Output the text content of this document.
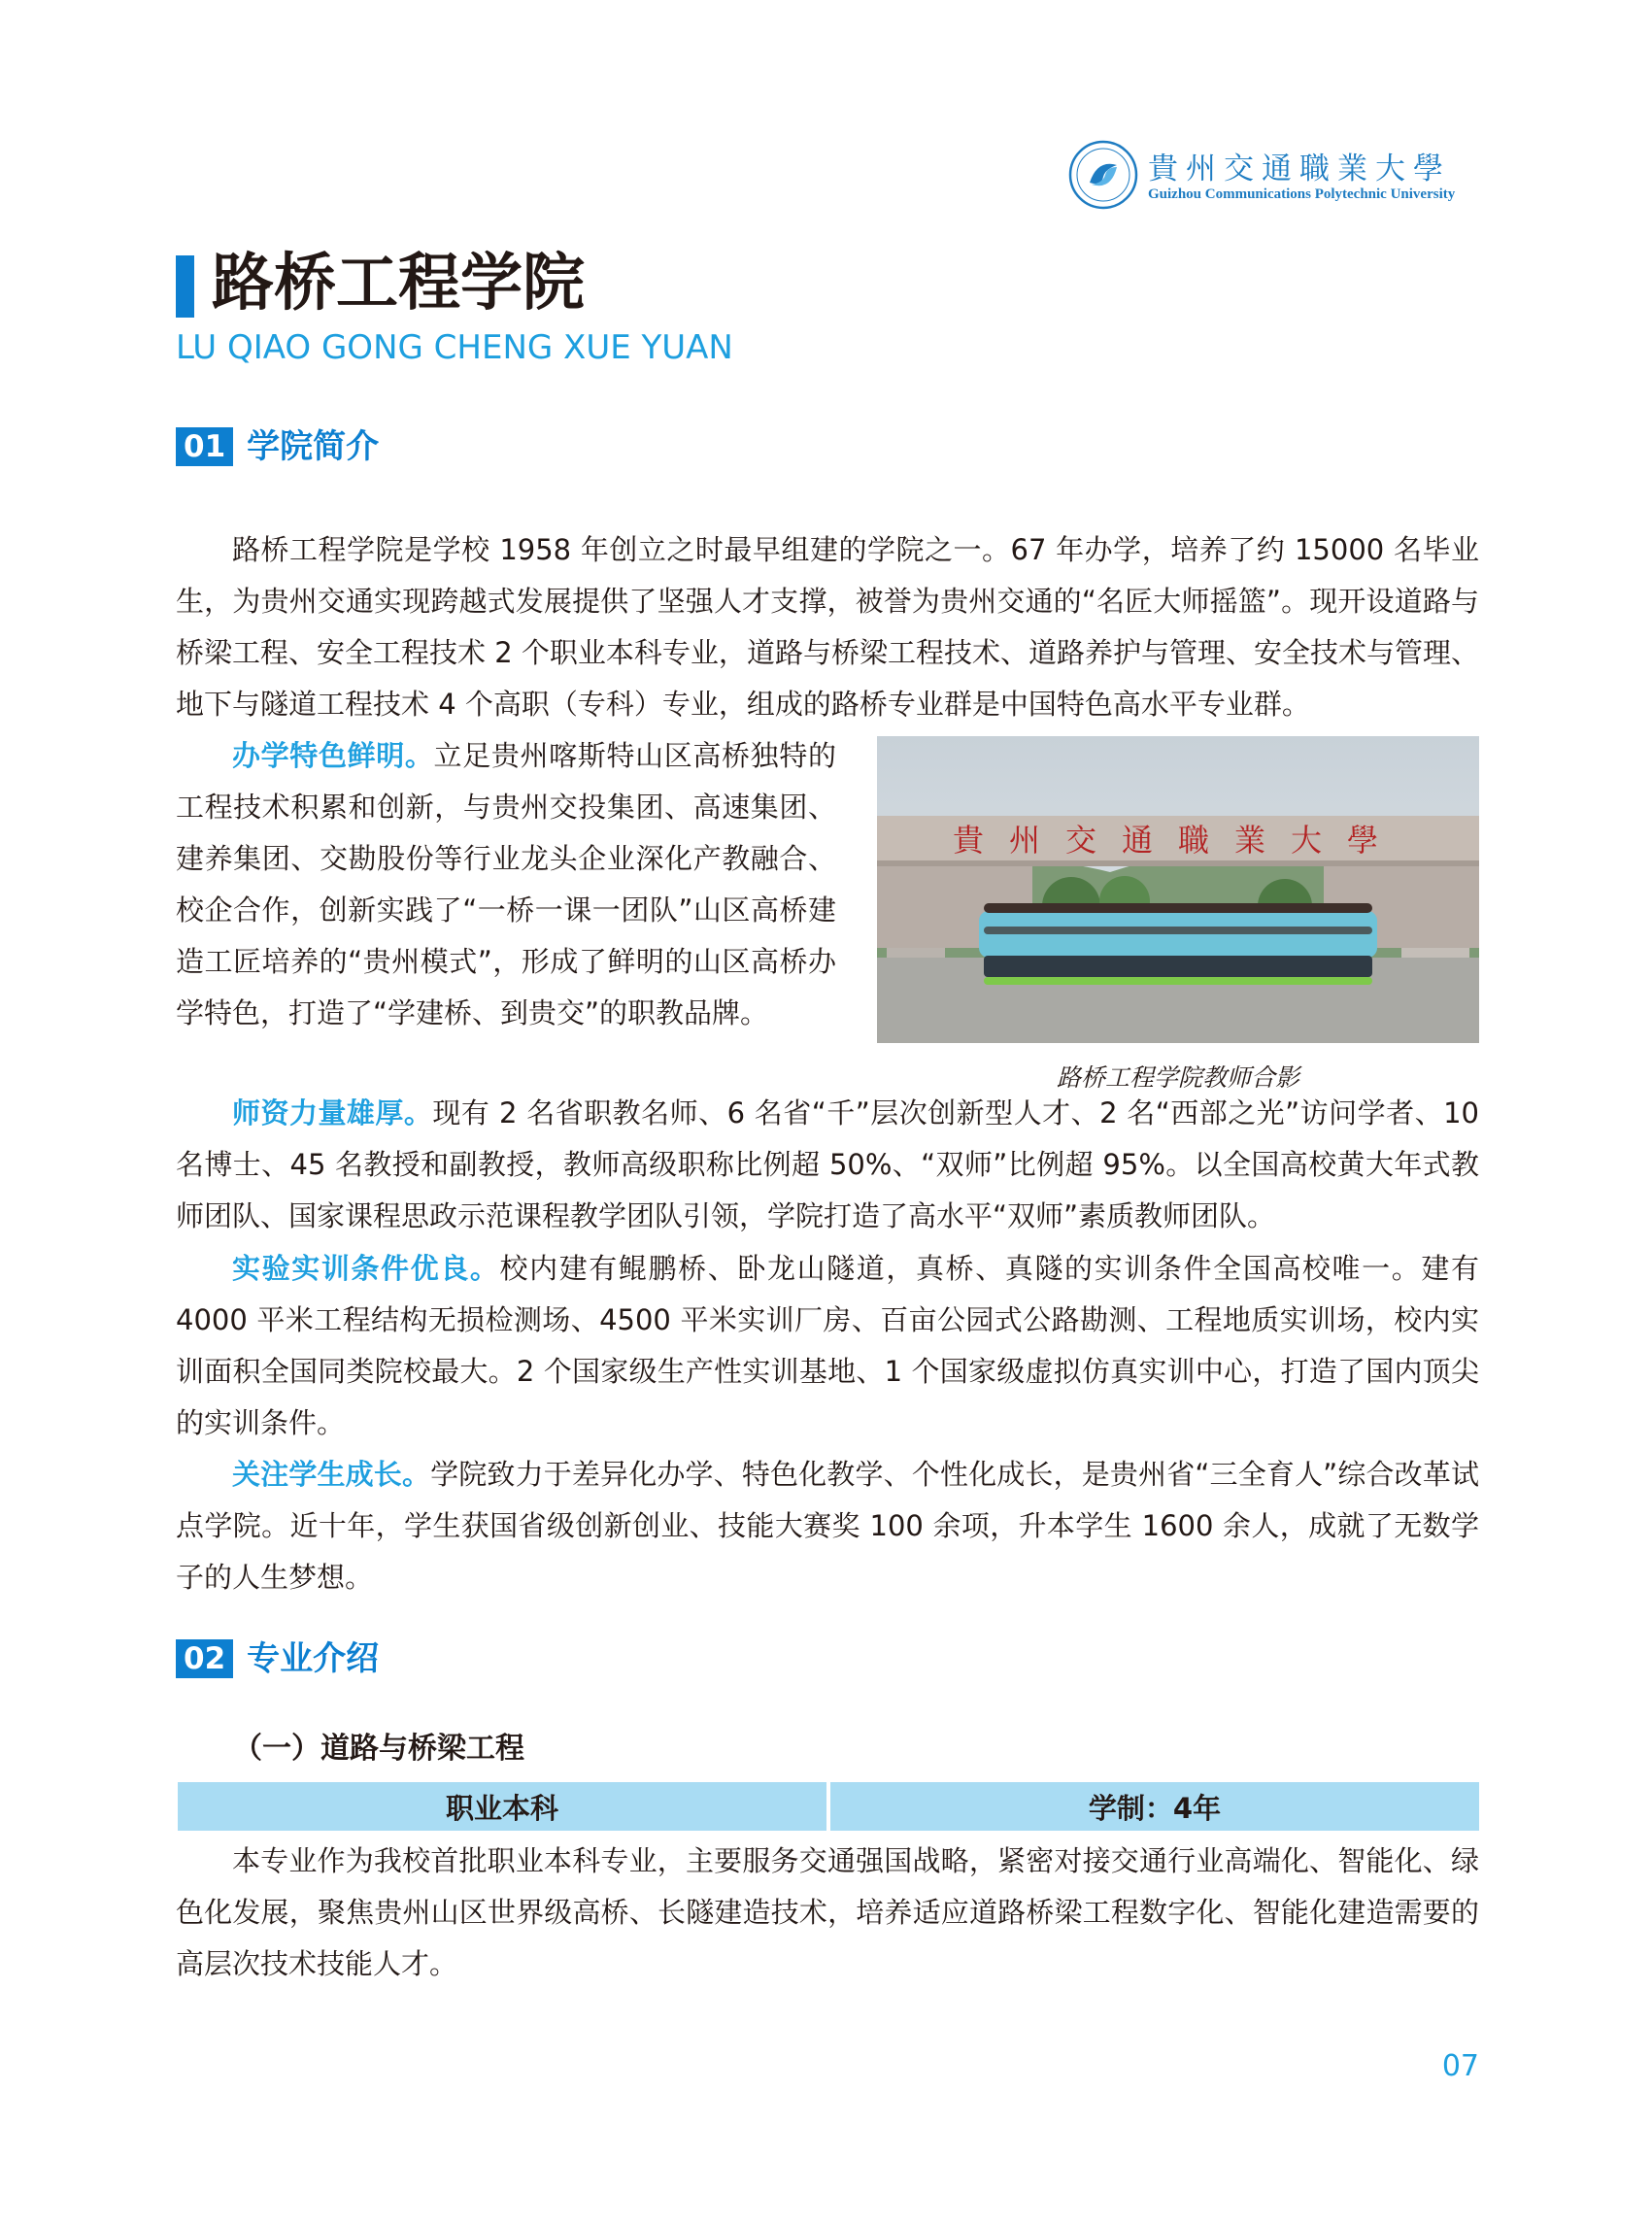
貴州交通職業大學
Guizhou Communications Polytechnic University
路桥工程学院
LU QIAO GONG CHENG XUE YUAN
01 学院简介
路桥工程学院是学校 1958 年创立之时最早组建的学院之一。67 年办学，培养了约 15000 名毕业生，为贵州交通实现跨越式发展提供了坚强人才支撑，被誉为贵州交通的“名匠大师摇篮”。现开设道路与桥梁工程、安全工程技术 2 个职业本科专业，道路与桥梁工程技术、道路养护与管理、安全技术与管理、地下与隧道工程技术 4 个高职（专科）专业，组成的路桥专业群是中国特色高水平专业群。
办学特色鲜明。立足贵州喀斯特山区高桥独特的工程技术积累和创新，与贵州交投集团、高速集团、建养集团、交勘股份等行业龙头企业深化产教融合、校企合作，创新实践了“一桥一课一团队”山区高桥建造工匠培养的“贵州模式”，形成了鲜明的山区高桥办学特色，打造了“学建桥、到贵交”的职教品牌。
貴州交通職業大學
路桥工程学院教师合影
师资力量雄厚。现有 2 名省职教名师、6 名省“千”层次创新型人才、2 名“西部之光”访问学者、10 名博士、45 名教授和副教授，教师高级职称比例超 50%、“双师”比例超 95%。以全国高校黄大年式教师团队、国家课程思政示范课程教学团队引领，学院打造了高水平“双师”素质教师团队。
实验实训条件优良。校内建有鲲鹏桥、卧龙山隧道，真桥、真隧的实训条件全国高校唯一。建有 4000 平米工程结构无损检测场、4500 平米实训厂房、百亩公园式公路勘测、工程地质实训场，校内实训面积全国同类院校最大。2 个国家级生产性实训基地、1 个国家级虚拟仿真实训中心，打造了国内顶尖的实训条件。
关注学生成长。学院致力于差异化办学、特色化教学、个性化成长，是贵州省“三全育人”综合改革试点学院。近十年，学生获国省级创新创业、技能大赛奖 100 余项，升本学生 1600 余人，成就了无数学子的人生梦想。
02 专业介绍
（一）道路与桥梁工程
职业本科	学制：4年
本专业作为我校首批职业本科专业，主要服务交通强国战略，紧密对接交通行业高端化、智能化、绿色化发展，聚焦贵州山区世界级高桥、长隧建造技术，培养适应道路桥梁工程数字化、智能化建造需要的高层次技术技能人才。
07
